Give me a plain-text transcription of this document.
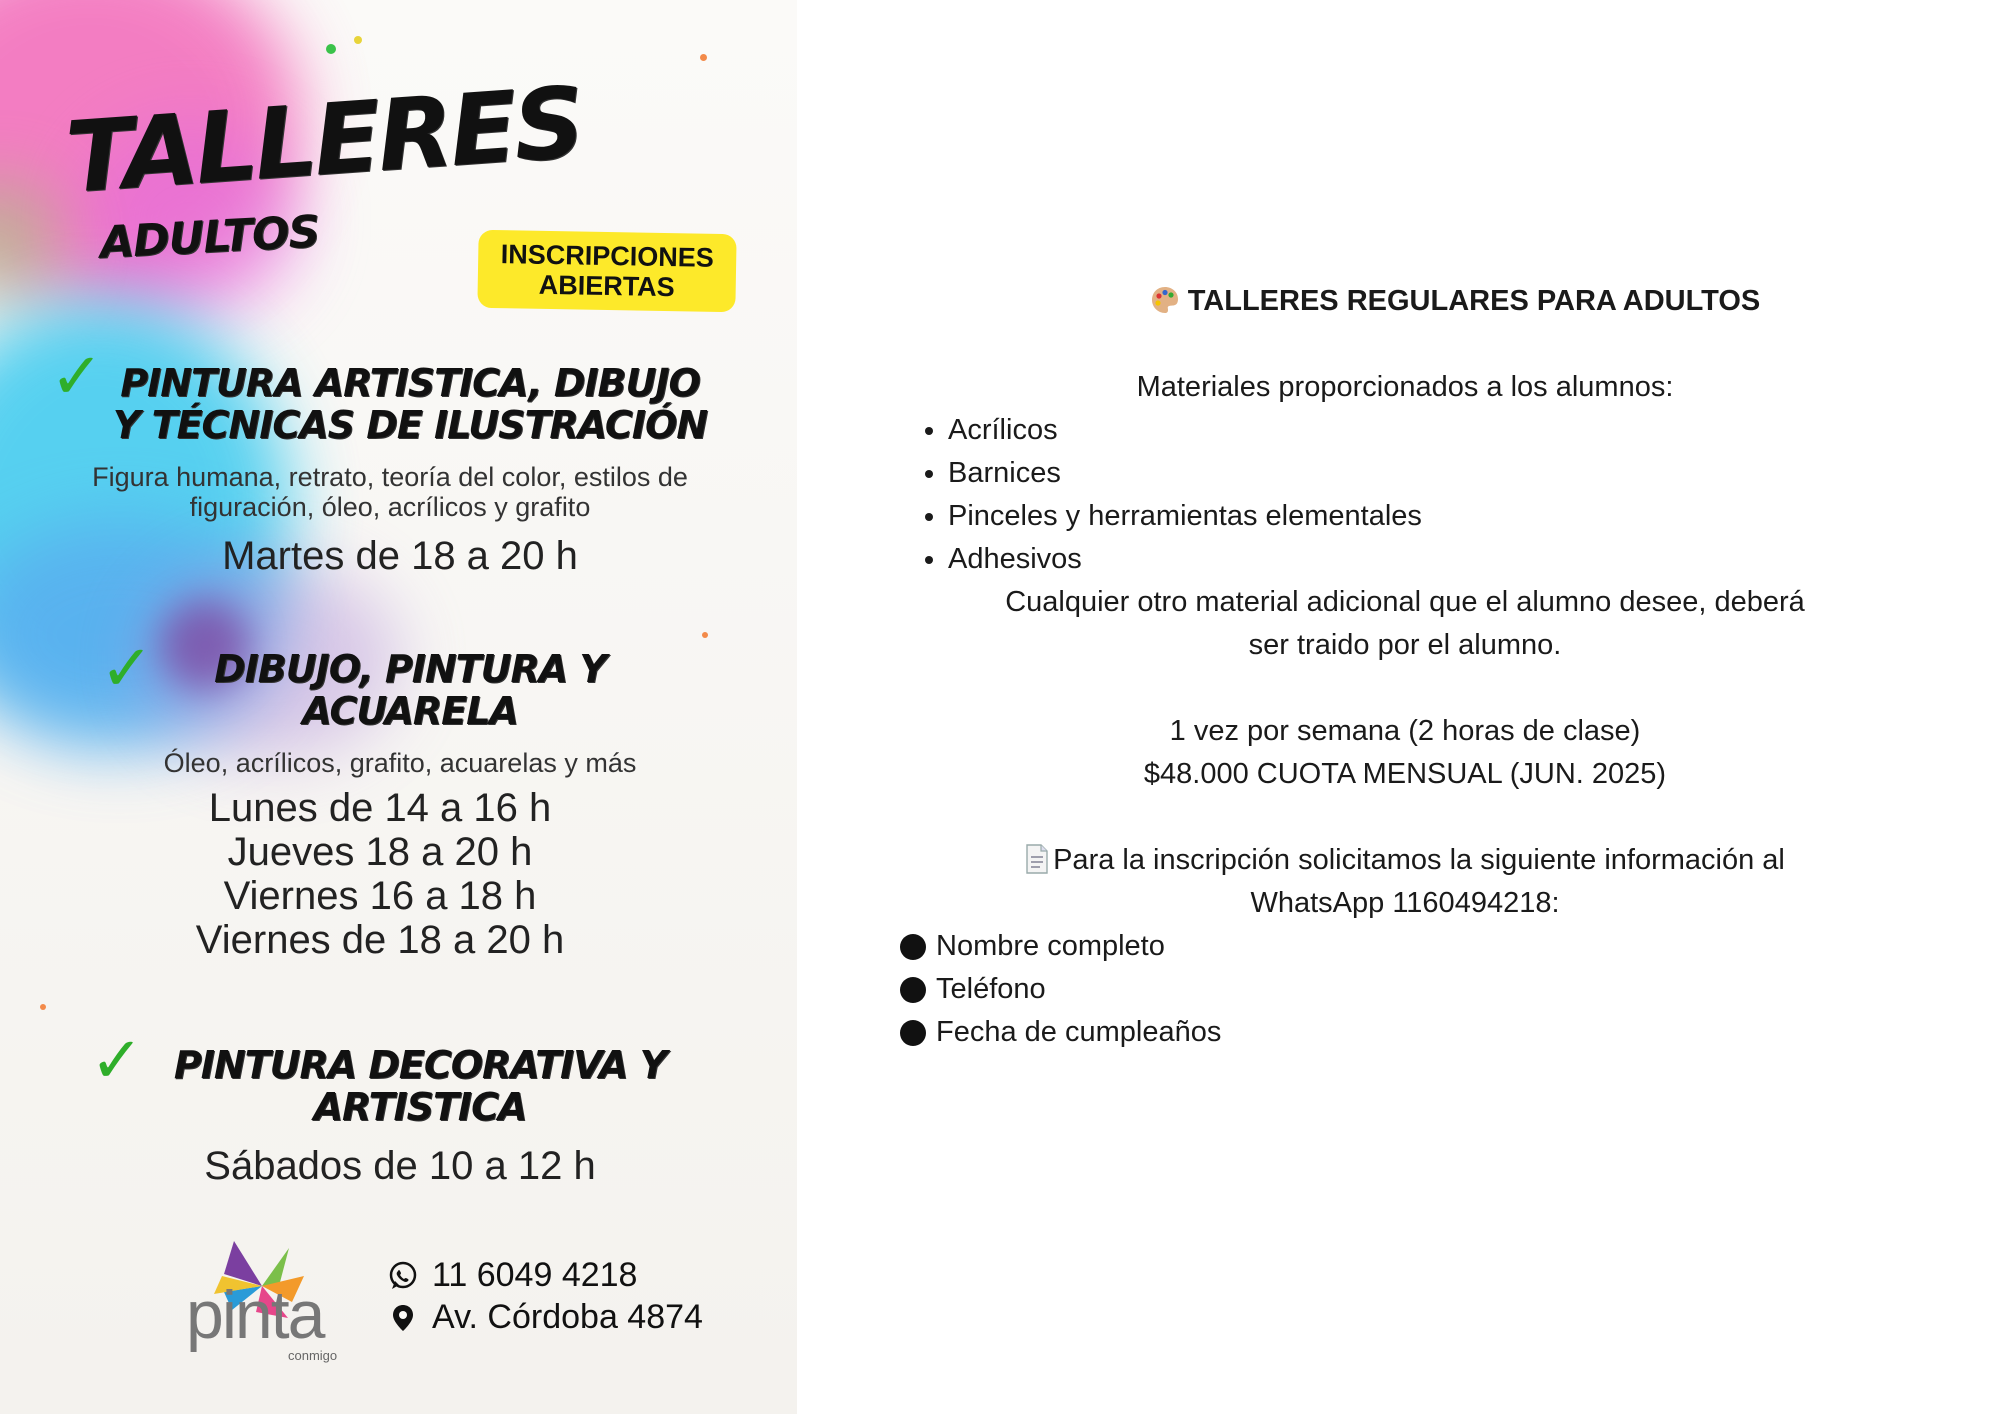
TALLERES
ADULTOS	INSCRIPCIONES
ABIERTAS
✓ PINTURA ARTISTICA, DIBUJO
Y TÉCNICAS DE ILUSTRACIÓN
Figura humana, retrato, teoría del color, estilos de
figuración, óleo, acrílicos y grafito
Martes de 18 a 20 h
✓	DIBUJO, PINTURA Y
ACUARELA
Óleo, acrílicos, grafito, acuarelas y más
Lunes de 14 a 16 h
Jueves 18 a 20 h
Viernes 16 a 18 h
Viernes de 18 a 20 h
✓ PINTURA DECORATIVA Y
ARTISTICA
Sábados de 10 a 12 h
pinta
conmigo
11 6049 4218
Av. Córdoba 4874
TALLERES REGULARES PARA ADULTOS
Materiales proporcionados a los alumnos:
• Acrílicos
• Barnices
• Pinceles y herramientas elementales
• Adhesivos
Cualquier otro material adicional que el alumno desee, deberá
ser traido por el alumno.
1 vez por semana (2 horas de clase)
$48.000 CUOTA MENSUAL (JUN. 2025)
Para la inscripción solicitamos la siguiente información al
WhatsApp 1160494218:
Nombre completo
Teléfono
Fecha de cumpleaños
